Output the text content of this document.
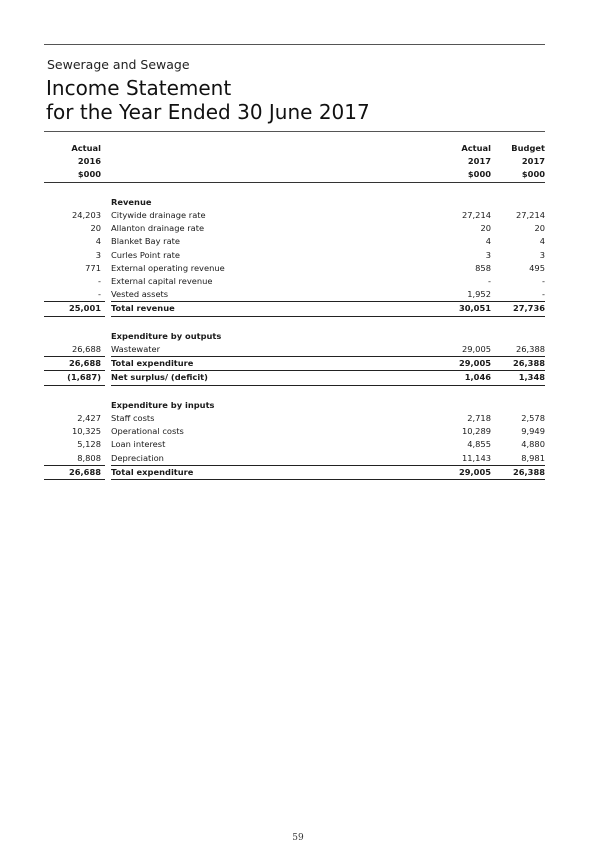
Sewerage and Sewage
Income Statement
for the Year Ended 30 June 2017
Actual			Actual	Budget
2016			2017	2017
$000			$000	$000

		Revenue		
24,203		Citywide drainage rate	27,214	27,214
20		Allanton drainage rate	20	20
4		Blanket Bay rate	4	4
3		Curles Point rate	3	3
771		External operating revenue	858	495
-		External capital revenue	-	-
-		Vested assets	1,952	-
25,001		Total revenue	30,051	27,736

		Expenditure by outputs		
26,688		Wastewater	29,005	26,388
26,688		Total expenditure	29,005	26,388
(1,687)		Net surplus/ (deficit)	1,046	1,348

		Expenditure by inputs		
2,427		Staff costs	2,718	2,578
10,325		Operational costs	10,289	9,949
5,128		Loan interest	4,855	4,880
8,808		Depreciation	11,143	8,981
26,688		Total expenditure	29,005	26,388
59
